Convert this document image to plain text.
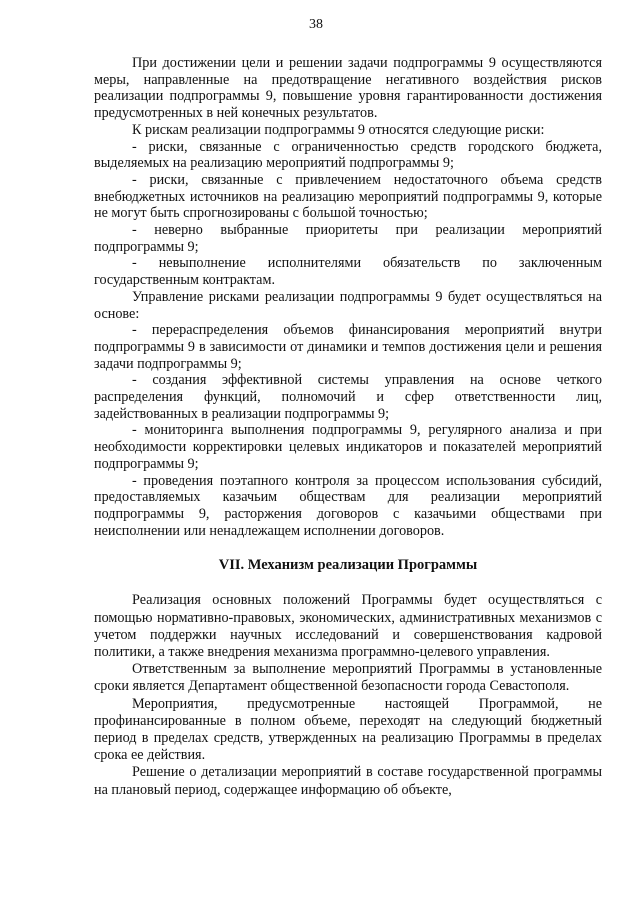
38

При достижении цели и решении задачи подпрограммы 9 осуществляются меры, направленные на предотвращение негативного воздействия рисков реализации подпрограммы 9, повышение уровня гарантированности достижения предусмотренных в ней конечных результатов.

К рискам реализации подпрограммы 9 относятся следующие риски:

- риски, связанные с ограниченностью средств городского бюджета, выделяемых на реализацию мероприятий подпрограммы 9;

- риски, связанные с привлечением недостаточного объема средств внебюджетных источников на реализацию мероприятий подпрограммы 9, которые не могут быть спрогнозированы с большой точностью;

- неверно выбранные приоритеты при реализации мероприятий подпрограммы 9;

- невыполнение исполнителями обязательств по заключенным государственным контрактам.

Управление рисками реализации подпрограммы 9 будет осуществляться на основе:

- перераспределения объемов финансирования мероприятий внутри подпрограммы 9 в зависимости от динамики и темпов достижения цели и решения задачи подпрограммы 9;

- создания эффективной системы управления на основе четкого распределения функций, полномочий и сфер ответственности лиц, задействованных в реализации подпрограммы 9;

- мониторинга выполнения подпрограммы 9, регулярного анализа и при необходимости корректировки целевых индикаторов и показателей мероприятий подпрограммы 9;

- проведения поэтапного контроля за процессом использования субсидий, предоставляемых казачьим обществам для реализации мероприятий подпрограммы 9, расторжения договоров с казачьими обществами при неисполнении или ненадлежащем исполнении договоров.

VII. Механизм реализации Программы

Реализация основных положений Программы будет осуществляться с помощью нормативно-правовых, экономических, административных механизмов с учетом поддержки научных исследований и совершенствования кадровой политики, а также внедрения механизма программно-целевого управления.

Ответственным за выполнение мероприятий Программы в установленные сроки является Департамент общественной безопасности города Севастополя.

Мероприятия, предусмотренные настоящей Программой, не профинансированные в полном объеме, переходят на следующий бюджетный период в пределах средств, утвержденных на реализацию Программы в пределах срока ее действия.

Решение о детализации мероприятий в составе государственной программы на плановый период, содержащее информацию об объекте,
